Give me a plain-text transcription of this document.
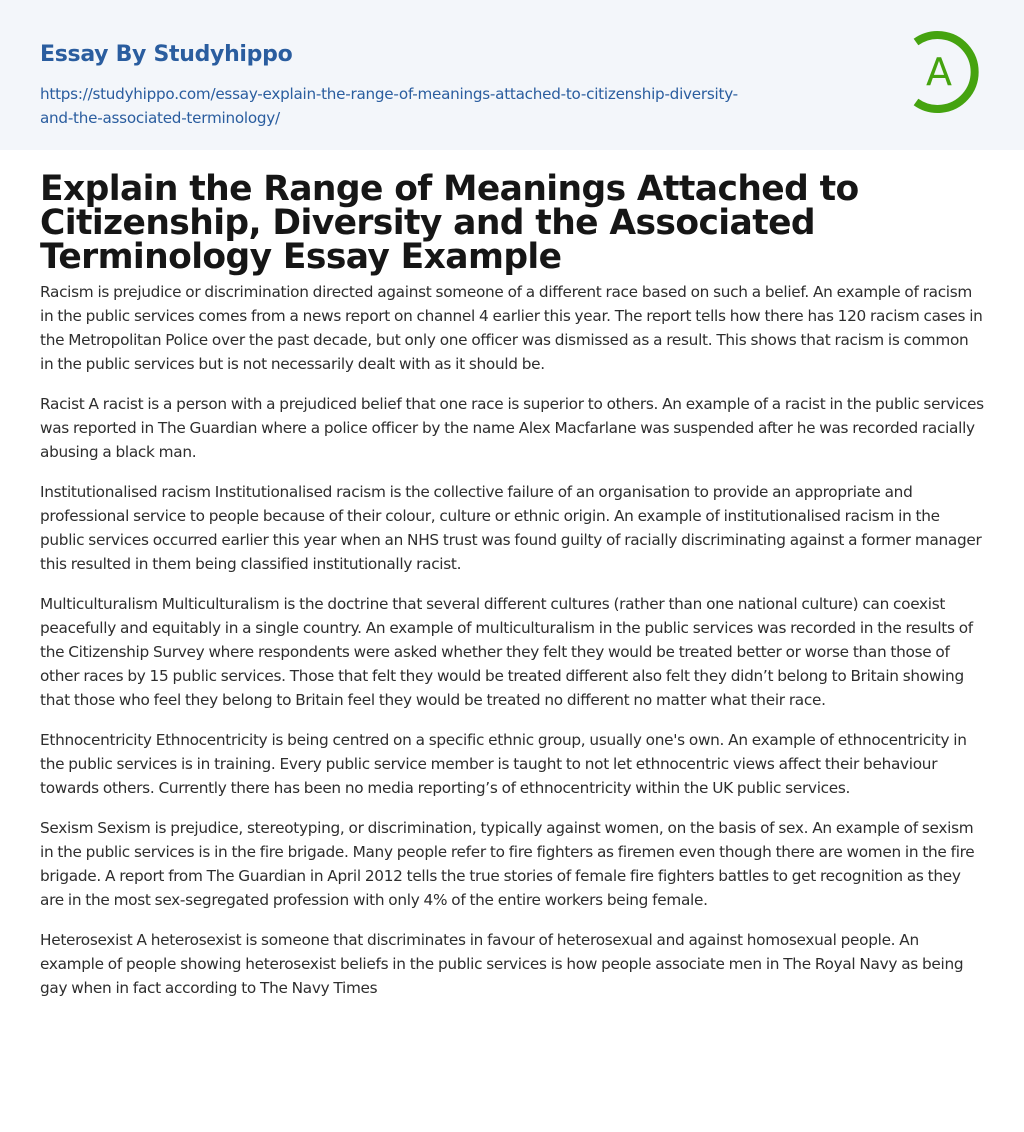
Essay By Studyhippo
https://studyhippo.com/essay-explain-the-range-of-meanings-attached-to-citizenship-diversity-and-the-associated-terminology/
A
Explain the Range of Meanings Attached to Citizenship, Diversity and the Associated Terminology Essay Example

Racism is prejudice or discrimination directed against someone of a different race based on such a belief. An example of racism in the public services comes from a news report on channel 4 earlier this year. The report tells how there has 120 racism cases in the Metropolitan Police over the past decade, but only one officer was dismissed as a result. This shows that racism is common in the public services but is not necessarily dealt with as it should be.

Racist A racist is a person with a prejudiced belief that one race is superior to others. An example of a racist in the public services was reported in The Guardian where a police officer by the name Alex Macfarlane was suspended after he was recorded racially abusing a black man.

Institutionalised racism Institutionalised racism is the collective failure of an organisation to provide an appropriate and professional service to people because of their colour, culture or ethnic origin. An example of institutionalised racism in the public services occurred earlier this year when an NHS trust was found guilty of racially discriminating against a former manager this resulted in them being classified institutionally racist.

Multiculturalism Multiculturalism is the doctrine that several different cultures (rather than one national culture) can coexist peacefully and equitably in a single country. An example of multiculturalism in the public services was recorded in the results of the Citizenship Survey where respondents were asked whether they felt they would be treated better or worse than those of other races by 15 public services. Those that felt they would be treated different also felt they didn’t belong to Britain showing that those who feel they belong to Britain feel they would be treated no different no matter what their race.

Ethnocentricity Ethnocentricity is being centred on a specific ethnic group, usually one's own. An example of ethnocentricity in the public services is in training. Every public service member is taught to not let ethnocentric views affect their behaviour towards others. Currently there has been no media reporting’s of ethnocentricity within the UK public services.

Sexism Sexism is prejudice, stereotyping, or discrimination, typically against women, on the basis of sex. An example of sexism in the public services is in the fire brigade. Many people refer to fire fighters as firemen even though there are women in the fire brigade. A report from The Guardian in April 2012 tells the true stories of female fire fighters battles to get recognition as they are in the most sex-segregated profession with only 4% of the entire workers being female.

Heterosexist A heterosexist is someone that discriminates in favour of heterosexual and against homosexual people. An example of people showing heterosexist beliefs in the public services is how people associate men in The Royal Navy as being gay when in fact according to The Navy Times
